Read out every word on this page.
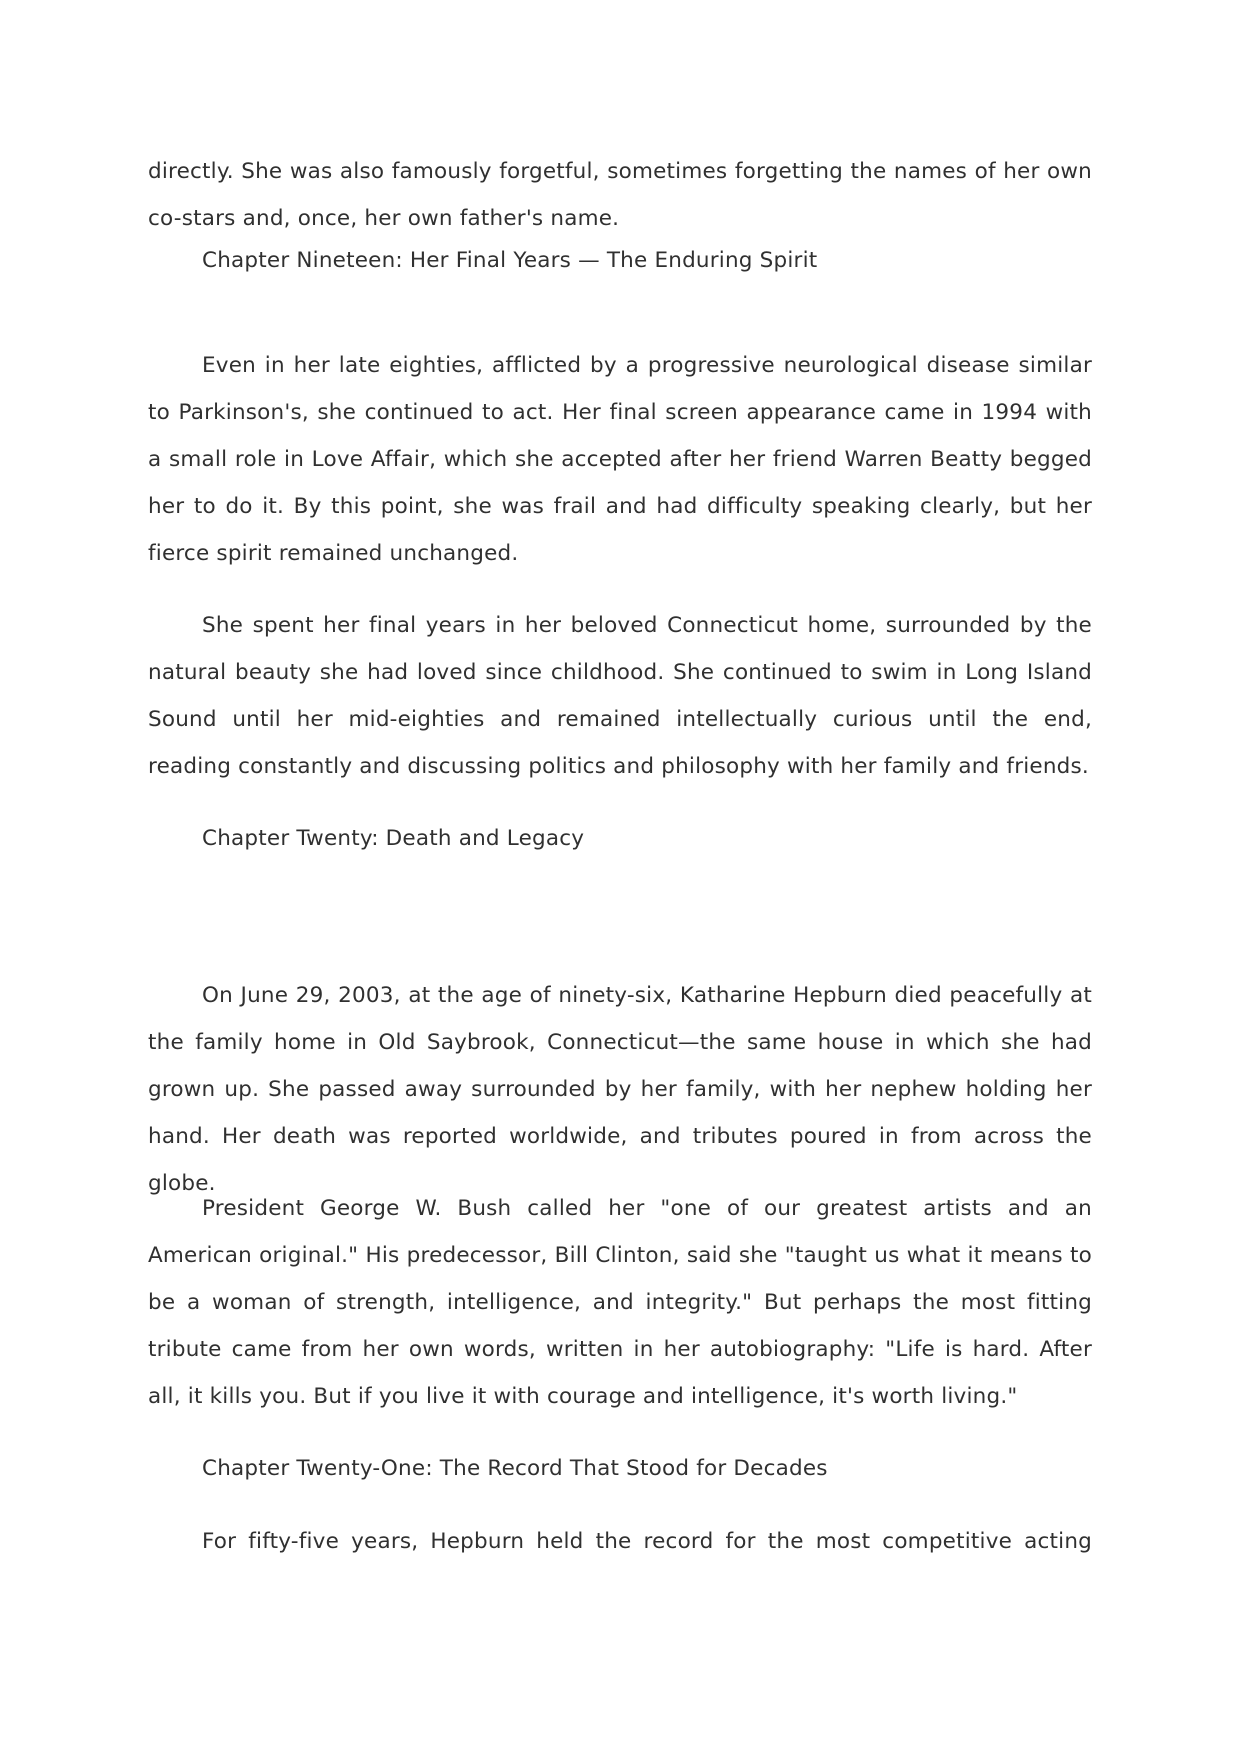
directly. She was also famously forgetful, sometimes forgetting the names of her own co-stars and, once, her own father's name.

Chapter Nineteen: Her Final Years — The Enduring Spirit

Even in her late eighties, afflicted by a progressive neurological disease similar to Parkinson's, she continued to act. Her final screen appearance came in 1994 with a small role in Love Affair, which she accepted after her friend Warren Beatty begged her to do it. By this point, she was frail and had difficulty speaking clearly, but her fierce spirit remained unchanged.

She spent her final years in her beloved Connecticut home, surrounded by the natural beauty she had loved since childhood. She continued to swim in Long Island Sound until her mid-eighties and remained intellectually curious until the end, reading constantly and discussing politics and philosophy with her family and friends.

Chapter Twenty: Death and Legacy

On June 29, 2003, at the age of ninety-six, Katharine Hepburn died peacefully at the family home in Old Saybrook, Connecticut—the same house in which she had grown up. She passed away surrounded by her family, with her nephew holding her hand. Her death was reported worldwide, and tributes poured in from across the globe.

President George W. Bush called her "one of our greatest artists and an American original." His predecessor, Bill Clinton, said she "taught us what it means to be a woman of strength, intelligence, and integrity." But perhaps the most fitting tribute came from her own words, written in her autobiography: "Life is hard. After all, it kills you. But if you live it with courage and intelligence, it's worth living."

Chapter Twenty-One: The Record That Stood for Decades

For fifty-five years, Hepburn held the record for the most competitive acting
